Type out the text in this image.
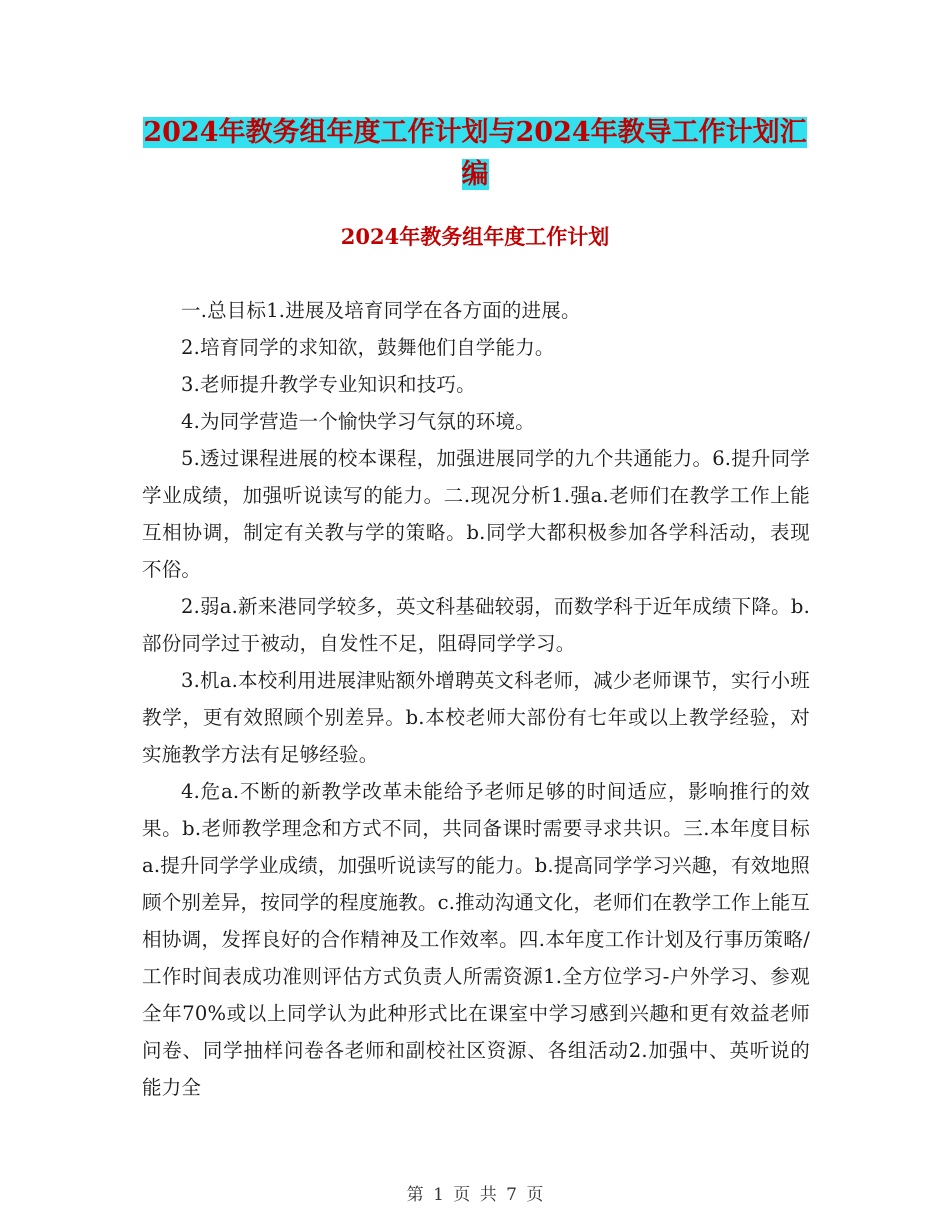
2024年教务组年度工作计划与2024年教导工作计划汇
编
2024年教务组年度工作计划

一.总目标1.进展及培育同学在各方面的进展。

2.培育同学的求知欲，鼓舞他们自学能力。

3.老师提升教学专业知识和技巧。

4.为同学营造一个愉快学习气氛的环境。

5.透过课程进展的校本课程，加强进展同学的九个共通能力。6.提升同学学业成绩，加强听说读写的能力。二.现况分析1.强a.老师们在教学工作上能互相协调，制定有关教与学的策略。b.同学大都积极参加各学科活动，表现不俗。

2.弱a.新来港同学较多，英文科基础较弱，而数学科于近年成绩下降。b.部份同学过于被动，自发性不足，阻碍同学学习。

3.机a.本校利用进展津贴额外增聘英文科老师，减少老师课节，实行小班教学，更有效照顾个别差异。b.本校老师大部份有七年或以上教学经验，对实施教学方法有足够经验。

4.危a.不断的新教学改革未能给予老师足够的时间适应，影响推行的效果。b.老师教学理念和方式不同，共同备课时需要寻求共识。三.本年度目标a.提升同学学业成绩，加强听说读写的能力。b.提高同学学习兴趣，有效地照顾个别差异，按同学的程度施教。c.推动沟通文化，老师们在教学工作上能互相协调，发挥良好的合作精神及工作效率。四.本年度工作计划及行事历策略/工作时间表成功准则评估方式负责人所需资源1.全方位学习-户外学习、参观全年70%或以上同学认为此种形式比在课室中学习感到兴趣和更有效益老师问卷、同学抽样问卷各老师和副校社区资源、各组活动2.加强中、英听说的能力全

第 1 页 共 7 页
